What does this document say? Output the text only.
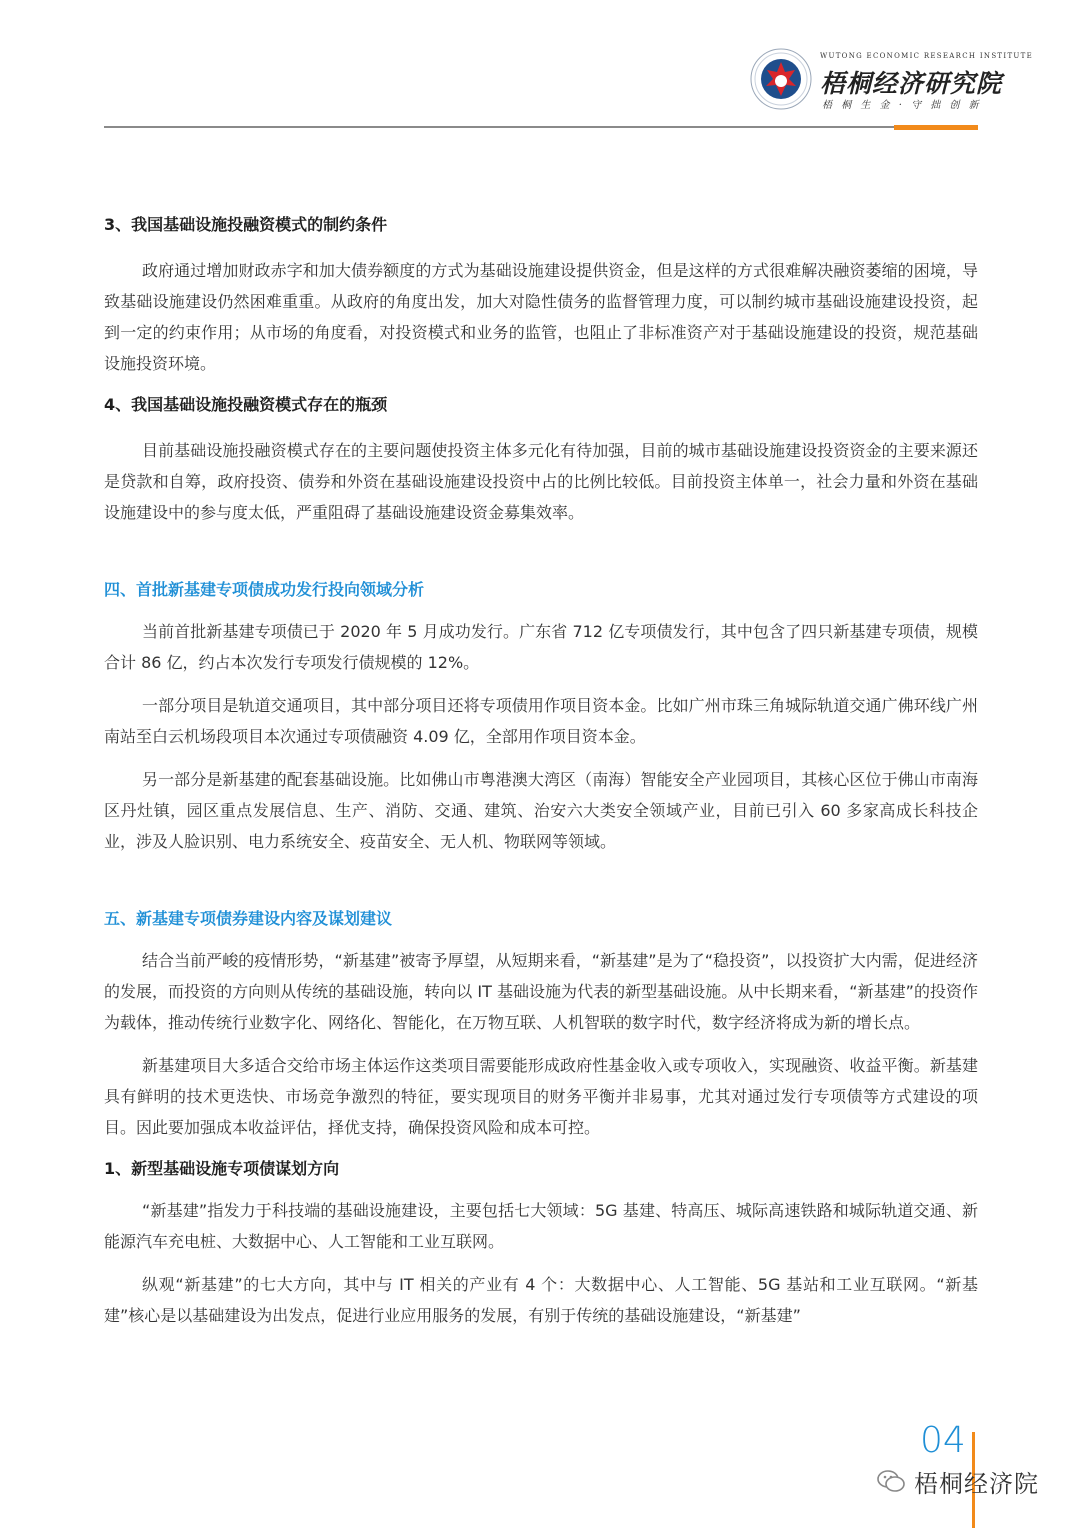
WUTONG ECONOMIC RESEARCH INSTITUTE
梧桐经济研究院
梧 桐 生 金 · 守 拙 创 新
3、我国基础设施投融资模式的制约条件

政府通过增加财政赤字和加大债券额度的方式为基础设施建设提供资金，但是这样的方式很难解决融资萎缩的困境，导致基础设施建设仍然困难重重。从政府的角度出发，加大对隐性债务的监督管理力度，可以制约城市基础设施建设投资，起到一定的约束作用；从市场的角度看，对投资模式和业务的监管，也阻止了非标准资产对于基础设施建设的投资，规范基础设施投资环境。

4、我国基础设施投融资模式存在的瓶颈

目前基础设施投融资模式存在的主要问题使投资主体多元化有待加强，目前的城市基础设施建设投资资金的主要来源还是贷款和自筹，政府投资、债券和外资在基础设施建设投资中占的比例比较低。目前投资主体单一，社会力量和外资在基础设施建设中的参与度太低，严重阻碍了基础设施建设资金募集效率。

四、首批新基建专项债成功发行投向领域分析

当前首批新基建专项债已于 2020 年 5 月成功发行。广东省 712 亿专项债发行，其中包含了四只新基建专项债，规模合计 86 亿，约占本次发行专项发行债规模的 12%。

一部分项目是轨道交通项目，其中部分项目还将专项债用作项目资本金。比如广州市珠三角城际轨道交通广佛环线广州南站至白云机场段项目本次通过专项债融资 4.09 亿，全部用作项目资本金。

另一部分是新基建的配套基础设施。比如佛山市粤港澳大湾区（南海）智能安全产业园项目，其核心区位于佛山市南海区丹灶镇，园区重点发展信息、生产、消防、交通、建筑、治安六大类安全领域产业，目前已引入 60 多家高成长科技企业，涉及人脸识别、电力系统安全、疫苗安全、无人机、物联网等领域。

五、新基建专项债券建设内容及谋划建议

结合当前严峻的疫情形势，“新基建”被寄予厚望，从短期来看，“新基建”是为了“稳投资”，以投资扩大内需，促进经济的发展，而投资的方向则从传统的基础设施，转向以 IT 基础设施为代表的新型基础设施。从中长期来看，“新基建”的投资作为载体，推动传统行业数字化、网络化、智能化，在万物互联、人机智联的数字时代，数字经济将成为新的增长点。

新基建项目大多适合交给市场主体运作这类项目需要能形成政府性基金收入或专项收入，实现融资、收益平衡。新基建具有鲜明的技术更迭快、市场竞争激烈的特征，要实现项目的财务平衡并非易事，尤其对通过发行专项债等方式建设的项目。因此要加强成本收益评估，择优支持，确保投资风险和成本可控。

1、新型基础设施专项债谋划方向

“新基建”指发力于科技端的基础设施建设，主要包括七大领域：5G 基建、特高压、城际高速铁路和城际轨道交通、新能源汽车充电桩、大数据中心、人工智能和工业互联网。

纵观“新基建”的七大方向，其中与 IT 相关的产业有 4 个：大数据中心、人工智能、5G 基站和工业互联网。“新基建”核心是以基础建设为出发点，促进行业应用服务的发展，有别于传统的基础设施建设，“新基建”

04
梧桐经济院
